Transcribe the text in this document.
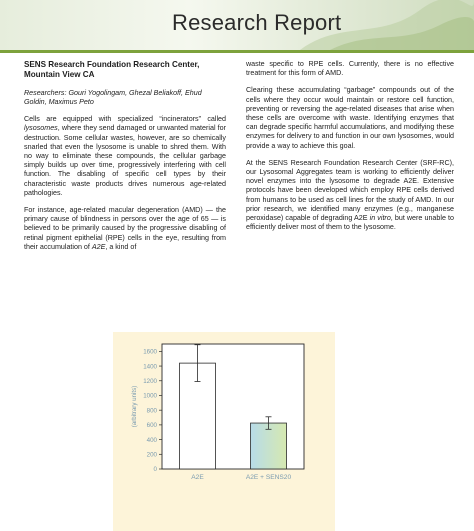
Research Report
SENS Research Foundation Research Center, Mountain View CA
Researchers: Gouri Yogolingam, Ghezal Beliakoff, Ehud Goldin, Maximus Peto

Cells are equipped with specialized “incinerators” called lysosomes, where they send damaged or unwanted material for destruction. Some cellular wastes, however, are so chemically snarled that even the lysosome is unable to shred them. With no way to eliminate these compounds, the cellular garbage simply builds up over time, progressively interfering with cell function. The disabling of specific cell types by their characteristic waste products drives numerous age-related pathologies.

For instance, age-related macular degeneration (AMD) — the primary cause of blindness in persons over the age of 65 — is believed to be primarily caused by the progressive disabling of retinal pigment epithelial (RPE) cells in the eye, resulting from their accumulation of A2E, a kind of

waste specific to RPE cells. Currently, there is no effective treatment for this form of AMD.

Clearing these accumulating “garbage” compounds out of the cells where they occur would maintain or restore cell function, preventing or reversing the age-related diseases that arise when these cells are overcome with waste. Identifying enzymes that can degrade specific harmful accumulations, and modifying these enzymes for delivery to and function in our own lysosomes, would provide a way to achieve this goal.

At the SENS Research Foundation Research Center (SRF-RC), our Lysosomal Aggregates team is working to efficiently deliver novel enzymes into the lysosome to degrade A2E. Extensive protocols have been developed which employ RPE cells derived from humans to be used as cell lines for the study of AMD. In our prior research, we identified many enzymes (e.g., manganese peroxidase) capable of degrading A2E in vitro, but were unable to efficiently deliver most of them to the lysosome.

0
200
400
600
800
1000
1200
1400
1600
(arbitrary units)
A2E	A2E + SENS20
